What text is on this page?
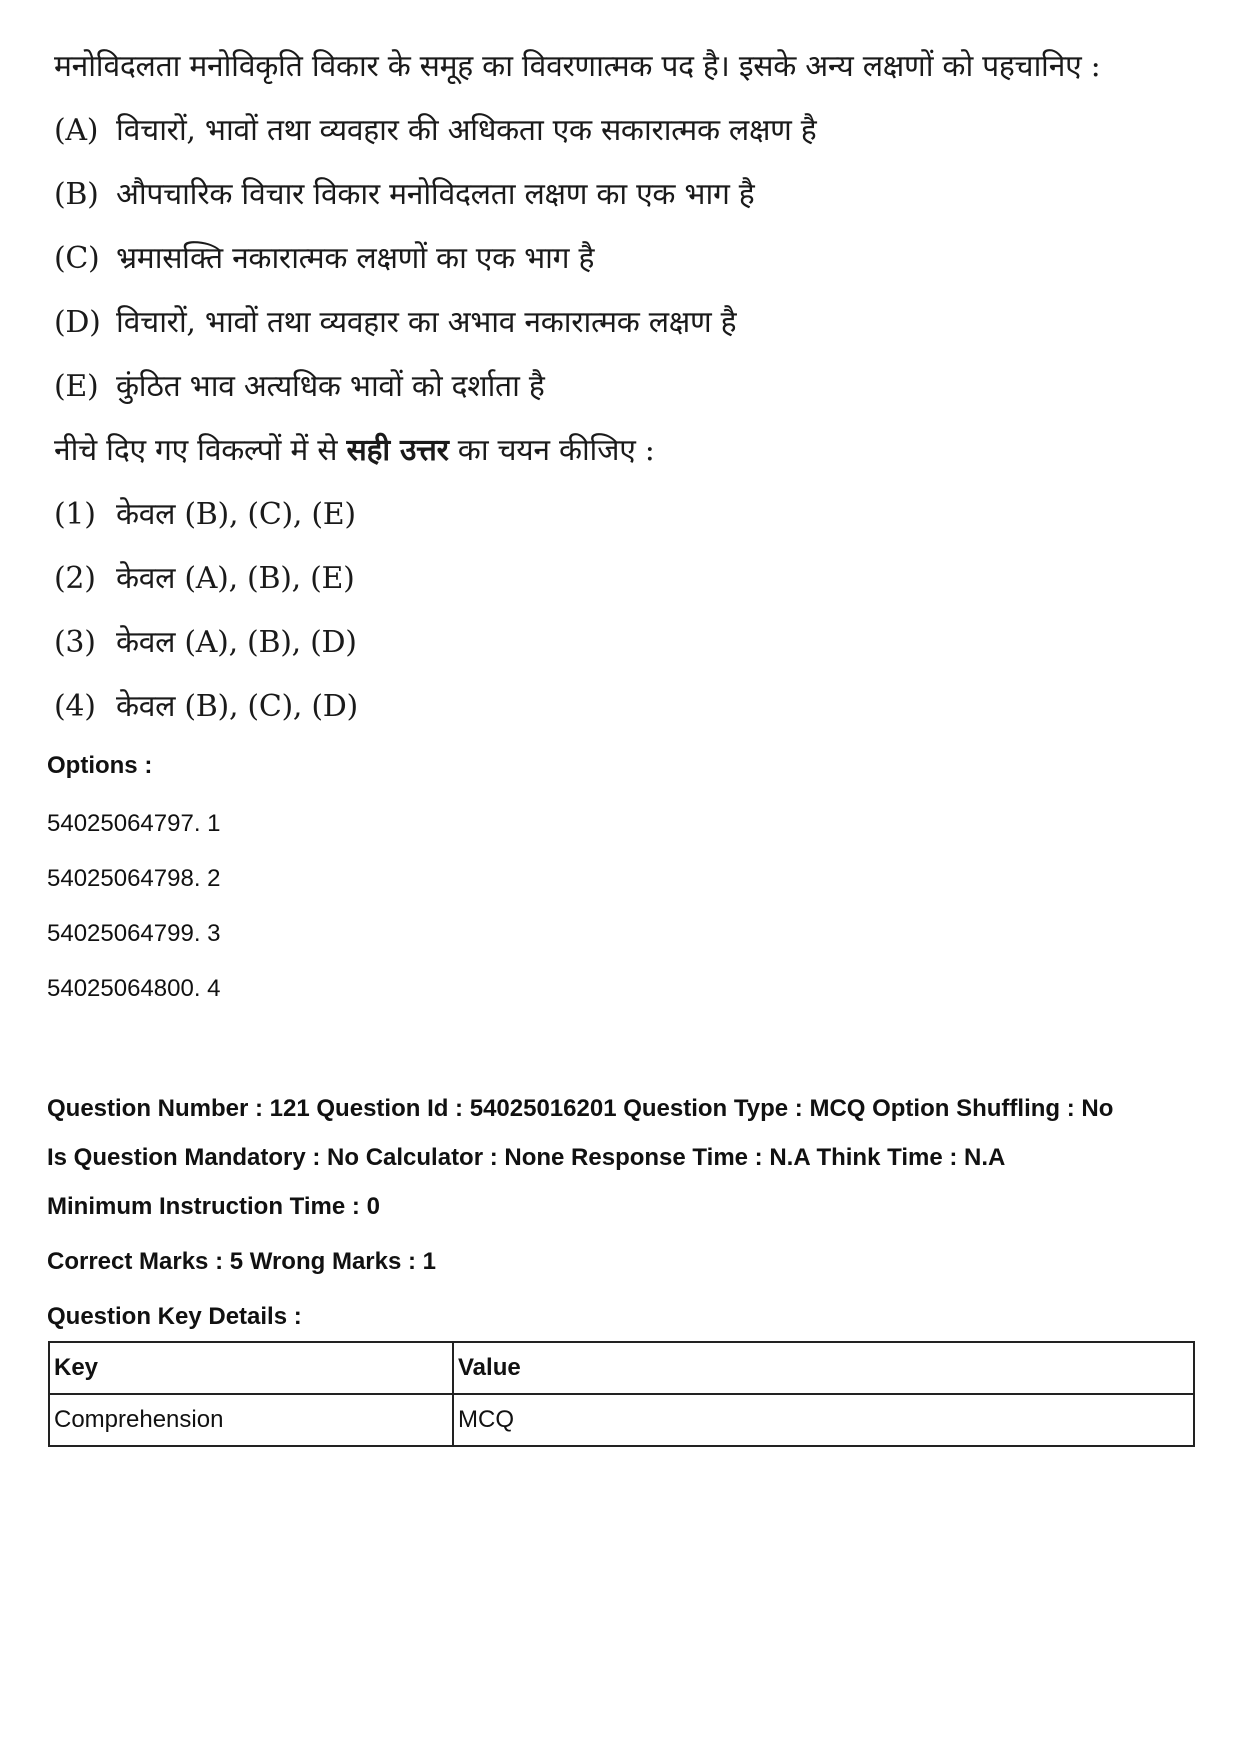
मनोविदलता मनोविकृति विकार के समूह का विवरणात्मक पद है। इसके अन्य लक्षणों को पहचानिए :
(A) विचारों, भावों तथा व्यवहार की अधिकता एक सकारात्मक लक्षण है
(B) औपचारिक विचार विकार मनोविदलता लक्षण का एक भाग है
(C) भ्रमासक्ति नकारात्मक लक्षणों का एक भाग है
(D) विचारों, भावों तथा व्यवहार का अभाव नकारात्मक लक्षण है
(E) कुंठित भाव अत्यधिक भावों को दर्शाता है
नीचे दिए गए विकल्पों में से सही उत्तर का चयन कीजिए :
(1) केवल (B), (C), (E)
(2) केवल (A), (B), (E)
(3) केवल (A), (B), (D)
(4) केवल (B), (C), (D)
Options :
54025064797. 1
54025064798. 2
54025064799. 3
54025064800. 4
Question Number : 121 Question Id : 54025016201 Question Type : MCQ Option Shuffling : No
Is Question Mandatory : No Calculator : None Response Time : N.A Think Time : N.A
Minimum Instruction Time : 0
Correct Marks : 5 Wrong Marks : 1
Question Key Details :
Key	Value
Comprehension	MCQ
